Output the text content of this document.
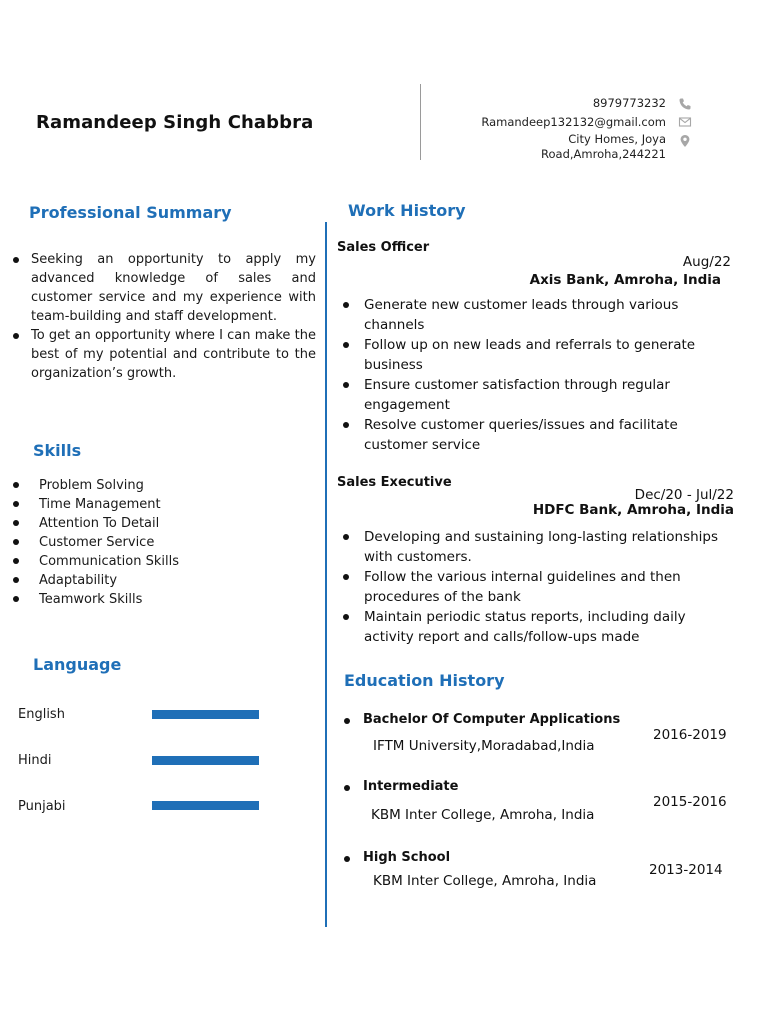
Ramandeep Singh Chabbra
8979773232
Ramandeep132132@gmail.com
City Homes, Joya
Road,Amroha,244221
Professional Summary
Seeking an opportunity to apply my advanced knowledge of sales and customer service and my experience with team-building and staff development.
To get an opportunity where I can make the best of my potential and contribute to the organization’s growth.
Skills
Problem Solving
Time Management
Attention To Detail
Customer Service
Communication Skills
Adaptability
Teamwork Skills
Language
English
Hindi
Punjabi
Work History
Sales Officer
Aug/22
Axis Bank, Amroha, India
Generate new customer leads through various channels
Follow up on new leads and referrals to generate business
Ensure customer satisfaction through regular engagement
Resolve customer queries/issues and facilitate customer service
Sales Executive
Dec/20 - Jul/22
HDFC Bank, Amroha, India
Developing and sustaining long-lasting relationships with customers.
Follow the various internal guidelines and then procedures of the bank
Maintain periodic status reports, including daily activity report and calls/follow-ups made
Education History
Bachelor Of Computer Applications
2016-2019
IFTM University,Moradabad,India
Intermediate
2015-2016
KBM Inter College, Amroha, India
High School
2013-2014
KBM Inter College, Amroha, India
